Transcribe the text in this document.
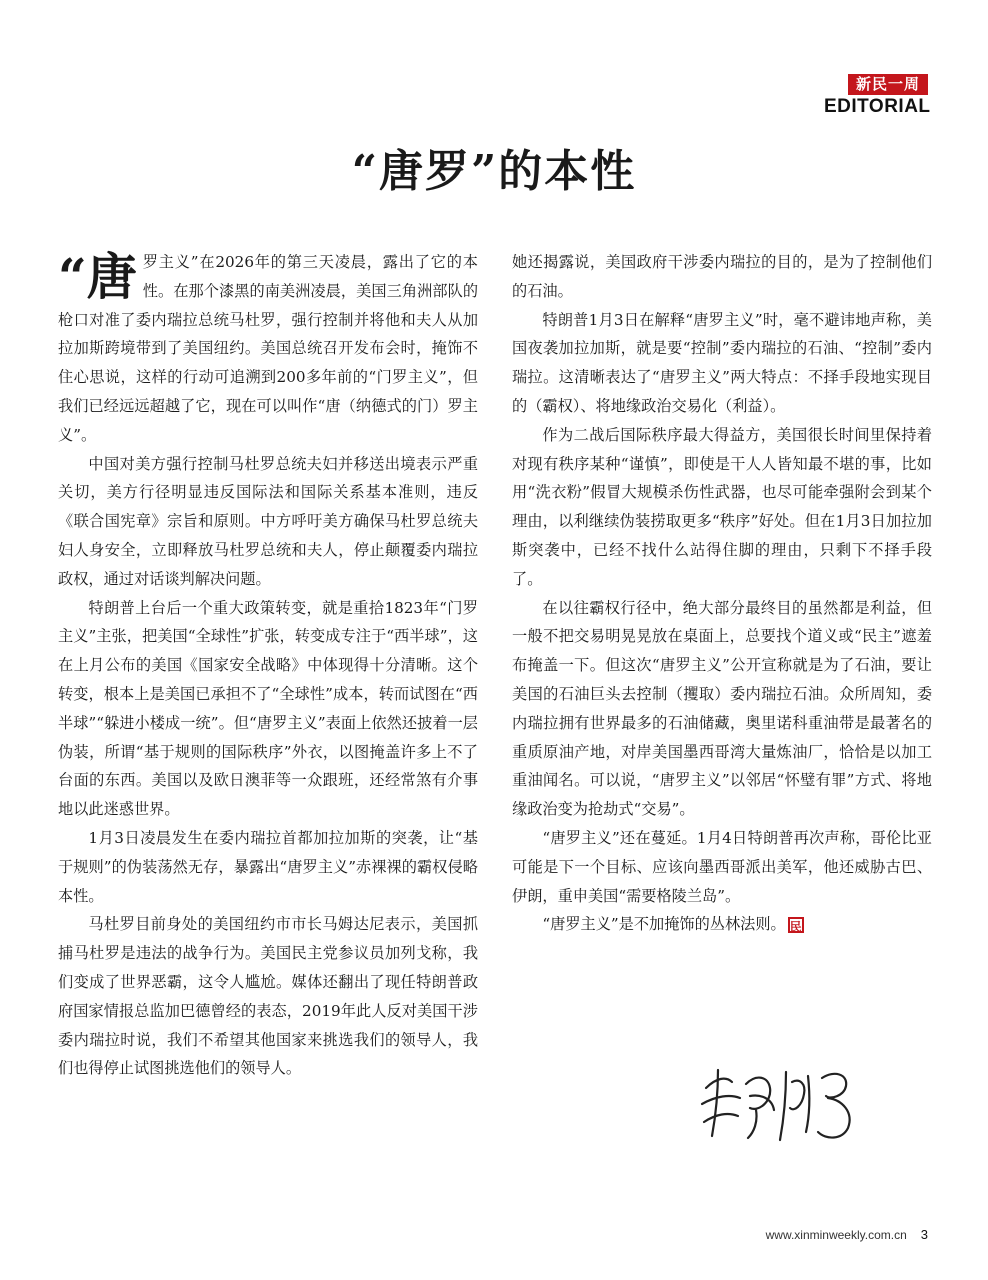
新民一周
EDITORIAL
“唐罗”的本性

“唐罗主义”在2026年的第三天凌晨，露出了它的本性。在那个漆黑的南美洲凌晨，美国三角洲部队的枪口对准了委内瑞拉总统马杜罗，强行控制并将他和夫人从加拉加斯跨境带到了美国纽约。美国总统召开发布会时，掩饰不住心思说，这样的行动可追溯到200多年前的“门罗主义”，但我们已经远远超越了它，现在可以叫作“唐（纳德式的门）罗主义”。

中国对美方强行控制马杜罗总统夫妇并移送出境表示严重关切，美方行径明显违反国际法和国际关系基本准则，违反《联合国宪章》宗旨和原则。中方呼吁美方确保马杜罗总统夫妇人身安全，立即释放马杜罗总统和夫人，停止颠覆委内瑞拉政权，通过对话谈判解决问题。

特朗普上台后一个重大政策转变，就是重拾1823年“门罗主义”主张，把美国“全球性”扩张，转变成专注于“西半球”，这在上月公布的美国《国家安全战略》中体现得十分清晰。这个转变，根本上是美国已承担不了“全球性”成本，转而试图在“西半球”“躲进小楼成一统”。但“唐罗主义”表面上依然还披着一层伪装，所谓“基于规则的国际秩序”外衣，以图掩盖许多上不了台面的东西。美国以及欧日澳菲等一众跟班，还经常煞有介事地以此迷惑世界。

1月3日凌晨发生在委内瑞拉首都加拉加斯的突袭，让“基于规则”的伪装荡然无存，暴露出“唐罗主义”赤裸裸的霸权侵略本性。

马杜罗目前身处的美国纽约市市长马姆达尼表示，美国抓捕马杜罗是违法的战争行为。美国民主党参议员加列戈称，我们变成了世界恶霸，这令人尴尬。媒体还翻出了现任特朗普政府国家情报总监加巴德曾经的表态，2019年此人反对美国干涉委内瑞拉时说，我们不希望其他国家来挑选我们的领导人，我们也得停止试图挑选他们的领导人。

她还揭露说，美国政府干涉委内瑞拉的目的，是为了控制他们的石油。

特朗普1月3日在解释“唐罗主义”时，毫不避讳地声称，美国夜袭加拉加斯，就是要“控制”委内瑞拉的石油、“控制”委内瑞拉。这清晰表达了“唐罗主义”两大特点：不择手段地实现目的（霸权）、将地缘政治交易化（利益）。

作为二战后国际秩序最大得益方，美国很长时间里保持着对现有秩序某种“谨慎”，即使是干人人皆知最不堪的事，比如用“洗衣粉”假冒大规模杀伤性武器，也尽可能牵强附会到某个理由，以利继续伪装捞取更多“秩序”好处。但在1月3日加拉加斯突袭中，已经不找什么站得住脚的理由，只剩下不择手段了。

在以往霸权行径中，绝大部分最终目的虽然都是利益，但一般不把交易明晃晃放在桌面上，总要找个道义或“民主”遮羞布掩盖一下。但这次“唐罗主义”公开宣称就是为了石油，要让美国的石油巨头去控制（攫取）委内瑞拉石油。众所周知，委内瑞拉拥有世界最多的石油储藏，奥里诺科重油带是最著名的重质原油产地，对岸美国墨西哥湾大量炼油厂，恰恰是以加工重油闻名。可以说，“唐罗主义”以邻居“怀璧有罪”方式、将地缘政治变为抢劫式“交易”。

“唐罗主义”还在蔓延。1月4日特朗普再次声称，哥伦比亚可能是下一个目标、应该向墨西哥派出美军，他还威胁古巴、伊朗，重申美国“需要格陵兰岛”。

“唐罗主义”是不加掩饰的丛林法则。 民

www.xinminweekly.com.cn 3
